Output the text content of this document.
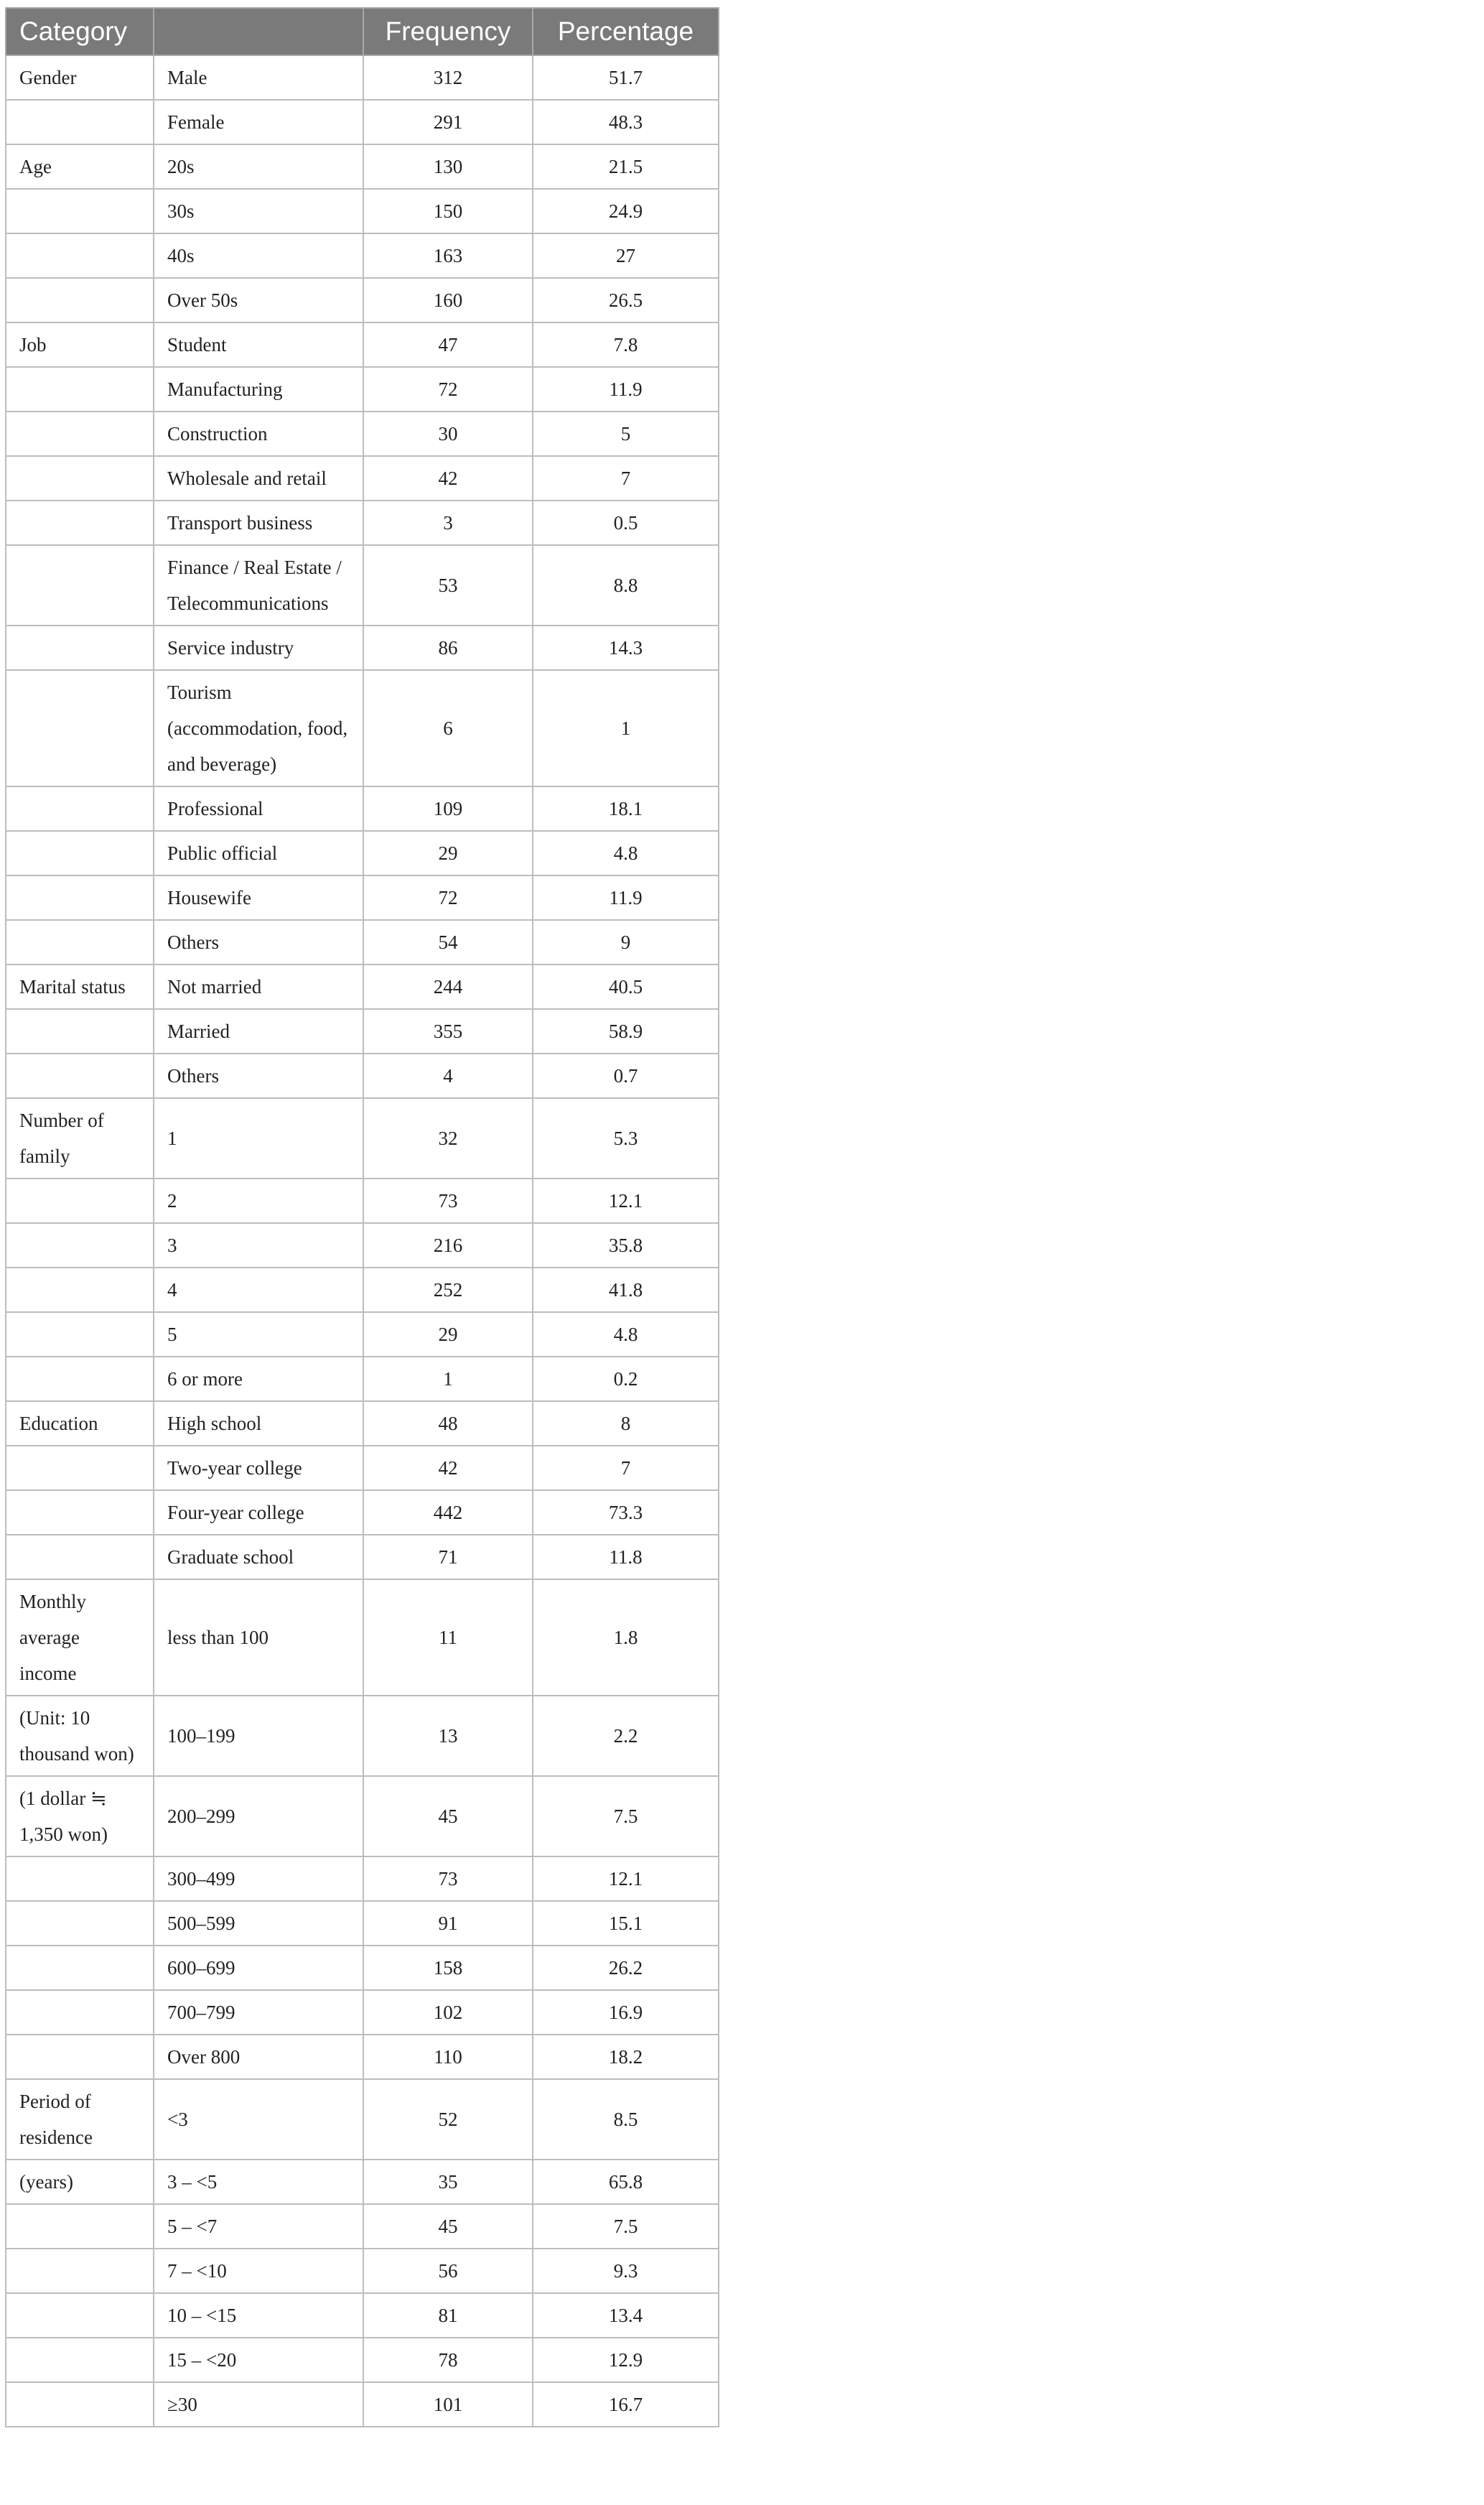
Category		Frequency	Percentage
Gender	Male	312	51.7
	Female	291	48.3
Age	20s	130	21.5
	30s	150	24.9
	40s	163	27
	Over 50s	160	26.5
Job	Student	47	7.8
	Manufacturing	72	11.9
	Construction	30	5
	Wholesale and retail	42	7
	Transport business	3	0.5
	Finance / Real Estate / Telecommunications	53	8.8
	Service industry	86	14.3
	Tourism (accommodation, food, and beverage)	6	1
	Professional	109	18.1
	Public official	29	4.8
	Housewife	72	11.9
	Others	54	9
Marital status	Not married	244	40.5
	Married	355	58.9
	Others	4	0.7
Number of family	1	32	5.3
	2	73	12.1
	3	216	35.8
	4	252	41.8
	5	29	4.8
	6 or more	1	0.2
Education	High school	48	8
	Two-year college	42	7
	Four-year college	442	73.3
	Graduate school	71	11.8
Monthly average income	less than 100	11	1.8
(Unit: 10 thousand won)	100–199	13	2.2
(1 dollar ≒ 1,350 won)	200–299	45	7.5
	300–499	73	12.1
	500–599	91	15.1
	600–699	158	26.2
	700–799	102	16.9
	Over 800	110	18.2
Period of residence	<3	52	8.5
(years)	3 – <5	35	65.8
	5 – <7	45	7.5
	7 – <10	56	9.3
	10 – <15	81	13.4
	15 – <20	78	12.9
	≥30	101	16.7
